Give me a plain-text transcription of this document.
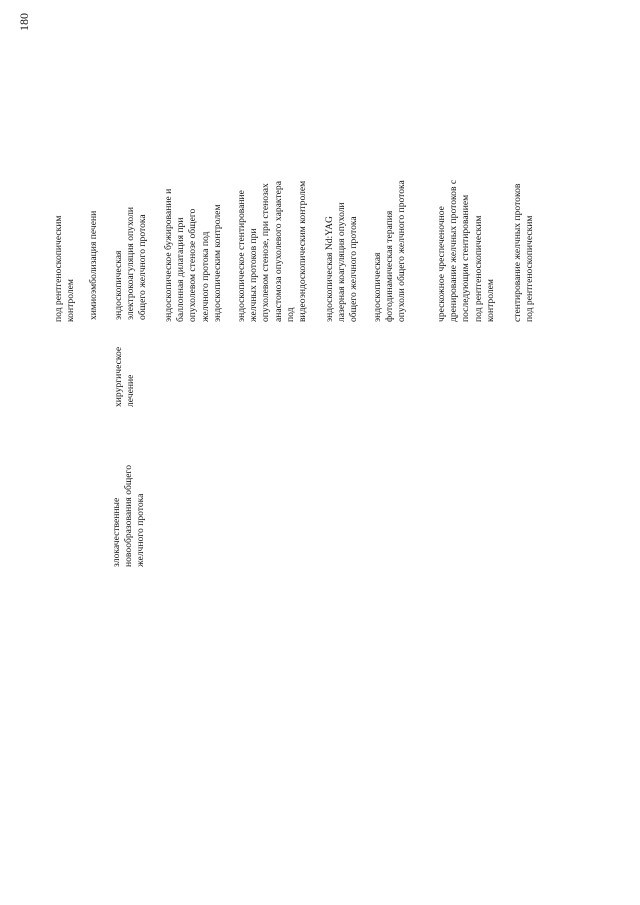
180
злокачественные новообразования общего желчного протока
хирургическое лечение
под рентгеноскопическим контролем химиоэмболизация печени эндоскопическая электрокоагуляция опухоли общего желчного протока эндоскопическое бужирование и баллонная дилатация при опухолевом стенозе общего желчного протока под эндоскопическим контролем эндоскопическое стентирование желчных протоков при опухолевом стенозе, при стенозах анастомоза опухолевого характера под видеоэндоскопическим контролем эндоскопическая Nd:YAG лазерная коагуляция опухоли общего желчного протока эндоскопическая фотодинамическая терапия опухоли общего желчного протока	чрескожное чреспеченочное дренирование желчных протоков с последующим стентированием под рентгеноскопическим контролем стентирование желчных протоков под рентгеноскопическим
